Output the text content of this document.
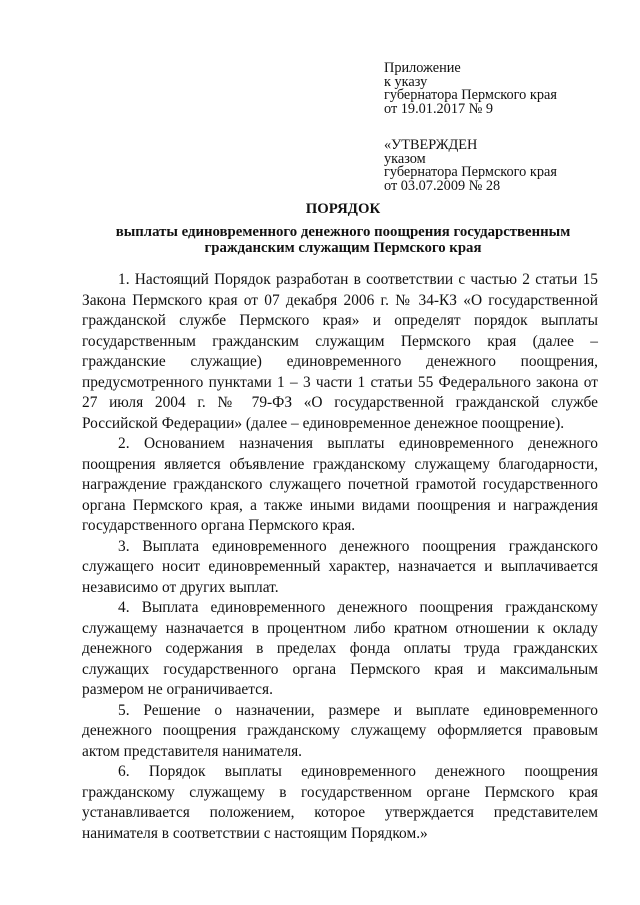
Приложение
к указу
губернатора Пермского края
от 19.01.2017 № 9
«УТВЕРЖДЕН
указом
губернатора Пермского края
от 03.07.2009 № 28
ПОРЯДОК
выплаты единовременного денежного поощрения государственным
гражданским служащим Пермского края

1. Настоящий Порядок разработан в соответствии с частью 2 статьи 15 Закона Пермского края от 07 декабря 2006 г. № 34-КЗ «О государственной гражданской службе Пермского края» и определят порядок выплаты государственным гражданским служащим Пермского края (далее – гражданские служащие) единовременного денежного поощрения, предусмотренного пунктами 1 – 3 части 1 статьи 55 Федерального закона от 27 июля 2004 г. № 79-ФЗ «О государственной гражданской службе Российской Федерации» (далее – единовременное денежное поощрение).

2. Основанием назначения выплаты единовременного денежного поощрения является объявление гражданскому служащему благодарности, награждение гражданского служащего почетной грамотой государственного органа Пермского края, а также иными видами поощрения и награждения государственного органа Пермского края.

3. Выплата единовременного денежного поощрения гражданского служащего носит единовременный характер, назначается и выплачивается независимо от других выплат.

4. Выплата единовременного денежного поощрения гражданскому служащему назначается в процентном либо кратном отношении к окладу денежного содержания в пределах фонда оплаты труда гражданских служащих государственного органа Пермского края и максимальным размером не ограничивается.

5. Решение о назначении, размере и выплате единовременного денежного поощрения гражданскому служащему оформляется правовым актом представителя нанимателя.

6. Порядок выплаты единовременного денежного поощрения гражданскому служащему в государственном органе Пермского края устанавливается положением, которое утверждается представителем нанимателя в соответствии с настоящим Порядком.»
